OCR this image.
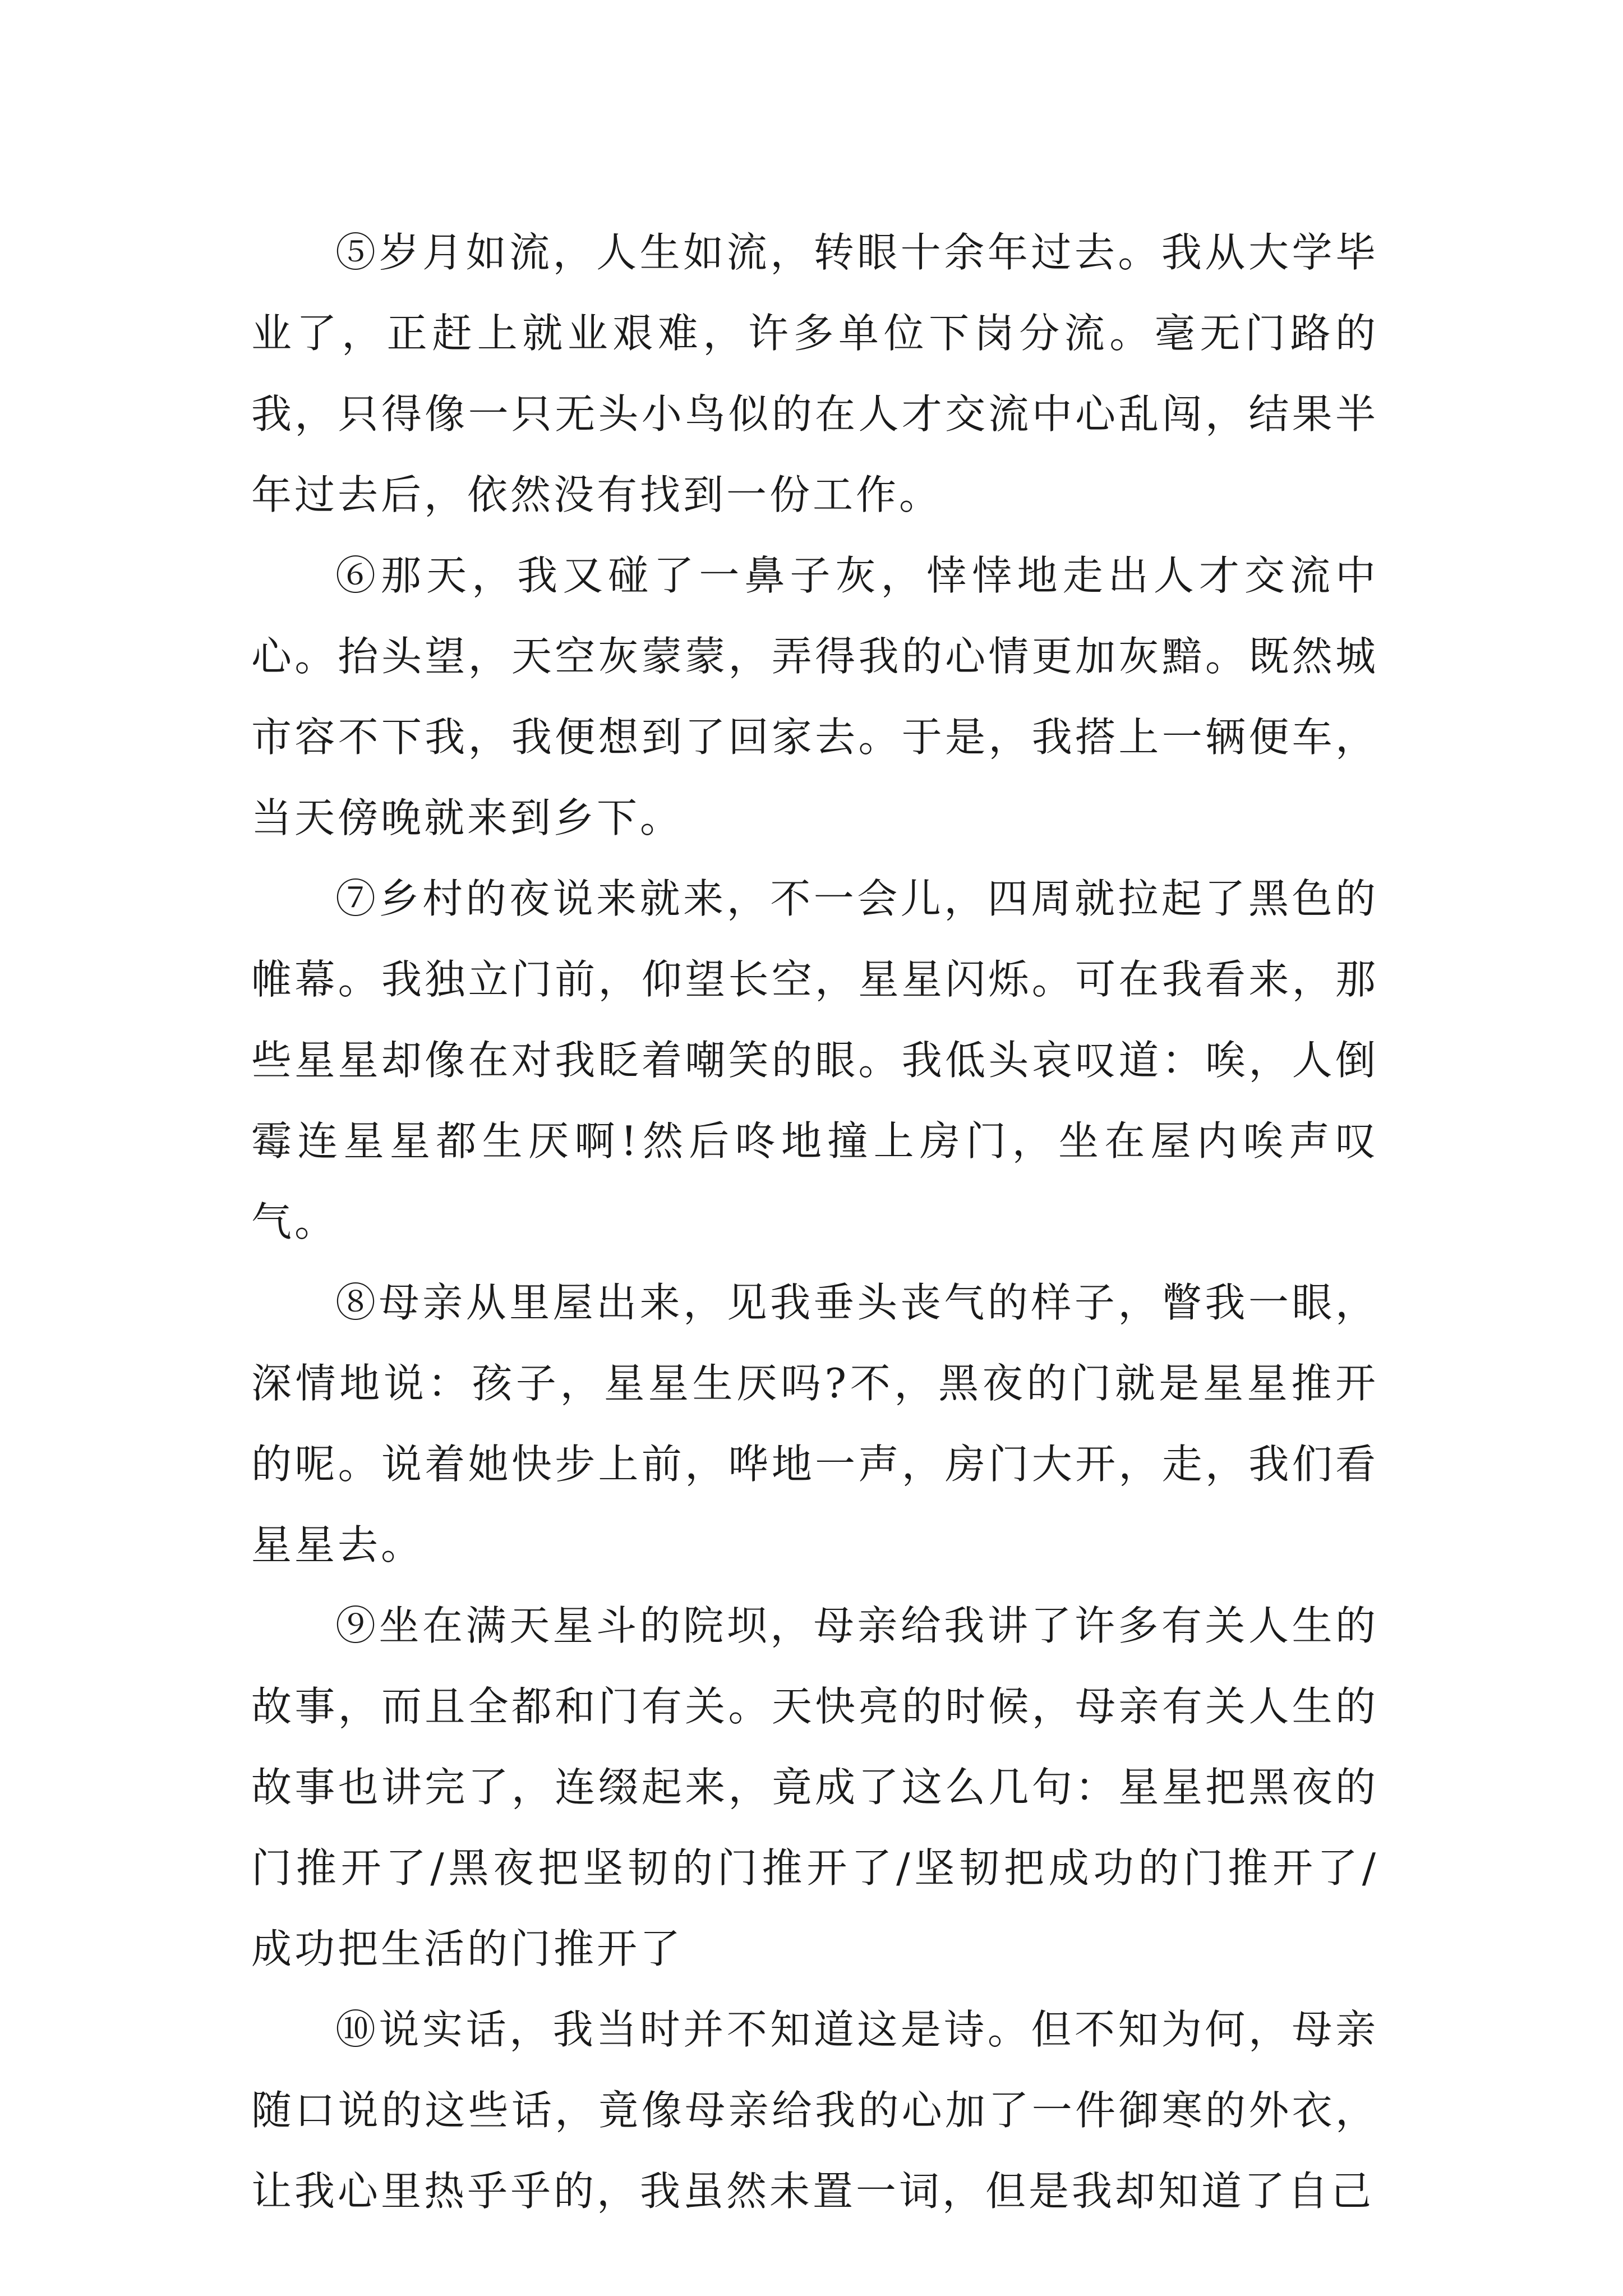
⑤岁月如流，人生如流，转眼十余年过去。我从大学毕业了，正赶上就业艰难，许多单位下岗分流。毫无门路的我，只得像一只无头小鸟似的在人才交流中心乱闯，结果半年过去后，依然没有找到一份工作。

⑥那天，我又碰了一鼻子灰，悻悻地走出人才交流中心。抬头望，天空灰蒙蒙，弄得我的心情更加灰黯。既然城市容不下我，我便想到了回家去。于是，我搭上一辆便车，当天傍晚就来到乡下。

⑦乡村的夜说来就来，不一会儿，四周就拉起了黑色的帷幕。我独立门前，仰望长空，星星闪烁。可在我看来，那些星星却像在对我眨着嘲笑的眼。我低头哀叹道：唉，人倒霉连星星都生厌啊!然后咚地撞上房门，坐在屋内唉声叹气。

⑧母亲从里屋出来，见我垂头丧气的样子，瞥我一眼，深情地说：孩子，星星生厌吗?不，黑夜的门就是星星推开的呢。说着她快步上前，哗地一声，房门大开，走，我们看星星去。

⑨坐在满天星斗的院坝，母亲给我讲了许多有关人生的故事，而且全都和门有关。天快亮的时候，母亲有关人生的故事也讲完了，连缀起来，竟成了这么几句：星星把黑夜的门推开了/黑夜把坚韧的门推开了/坚韧把成功的门推开了/成功把生活的门推开了

⑩说实话，我当时并不知道这是诗。但不知为何，母亲随口说的这些话，竟像母亲给我的心加了一件御寒的外衣，让我心里热乎乎的，我虽然未置一词，但是我却知道了自己
